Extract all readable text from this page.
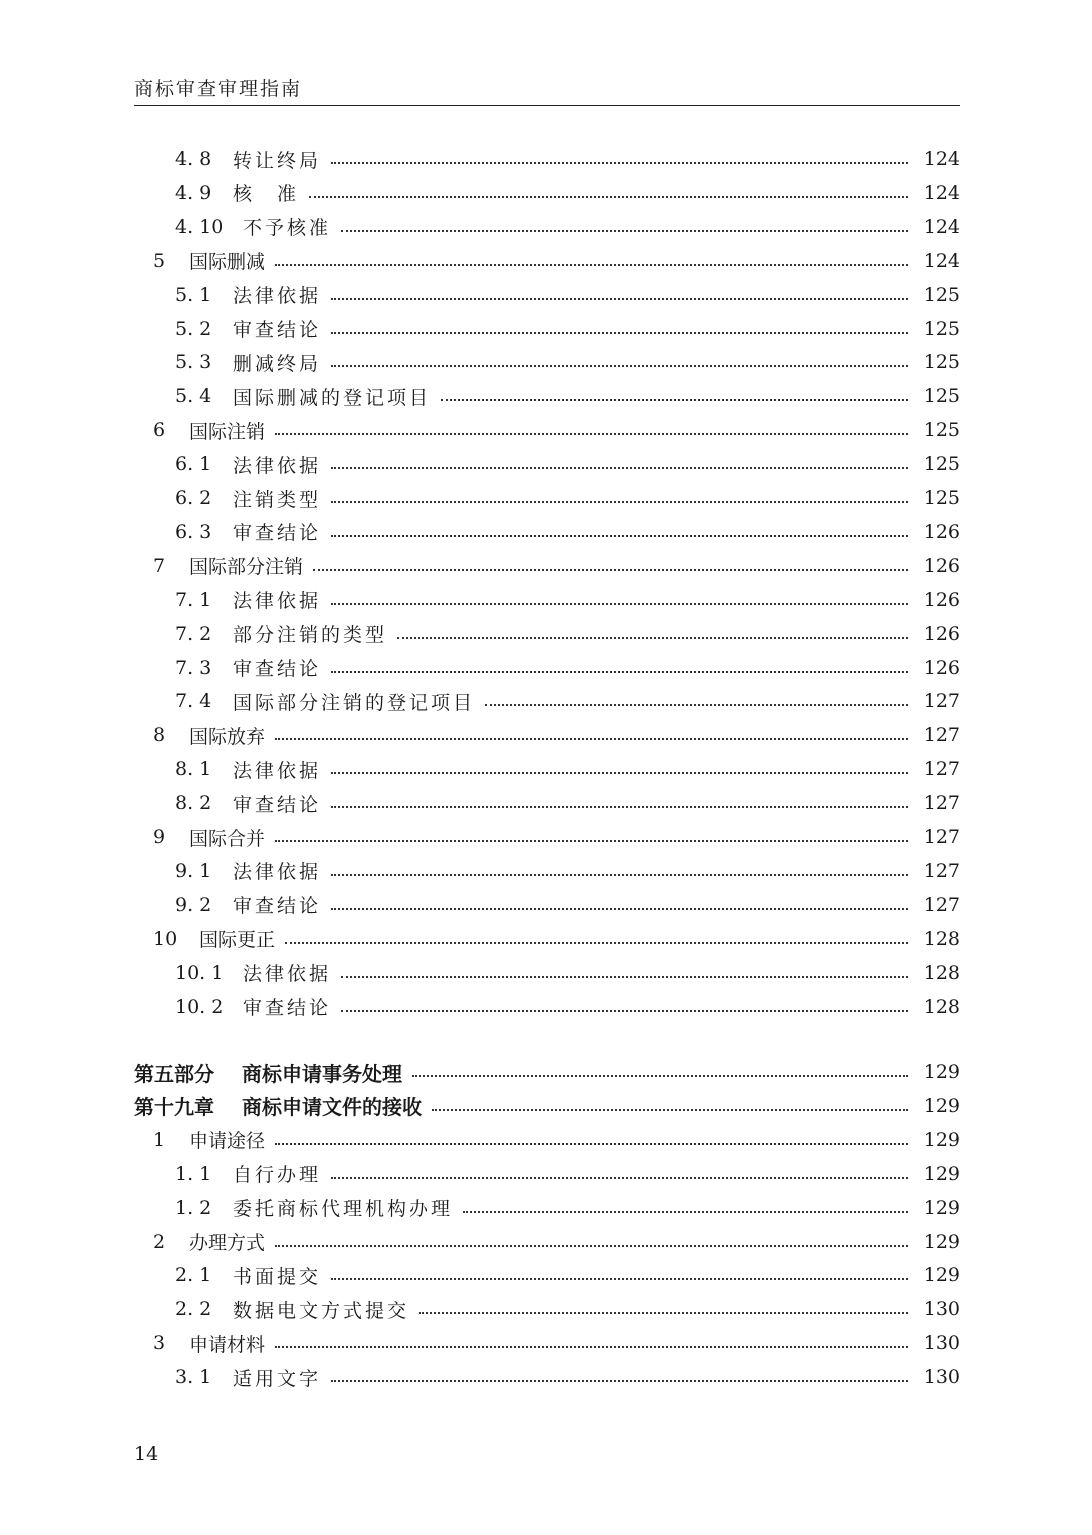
商标审查审理指南
4. 8	转让终局	124
4. 9	核　准	124
4. 10	不予核准	124
5	国际删减	124
5. 1	法律依据	125
5. 2	审查结论	125
5. 3	删减终局	125
5. 4	国际删减的登记项目	125
6	国际注销	125
6. 1	法律依据	125
6. 2	注销类型	125
6. 3	审查结论	126
7	国际部分注销	126
7. 1	法律依据	126
7. 2	部分注销的类型	126
7. 3	审查结论	126
7. 4	国际部分注销的登记项目	127
8	国际放弃	127
8. 1	法律依据	127
8. 2	审查结论	127
9	国际合并	127
9. 1	法律依据	127
9. 2	审查结论	127
10	国际更正	128
10. 1	法律依据	128
10. 2	审查结论	128
第五部分	商标申请事务处理	129
第十九章	商标申请文件的接收	129
1	申请途径	129
1. 1	自行办理	129
1. 2	委托商标代理机构办理	129
2	办理方式	129
2. 1	书面提交	129
2. 2	数据电文方式提交	130
3	申请材料	130
3. 1	适用文字	130
14
